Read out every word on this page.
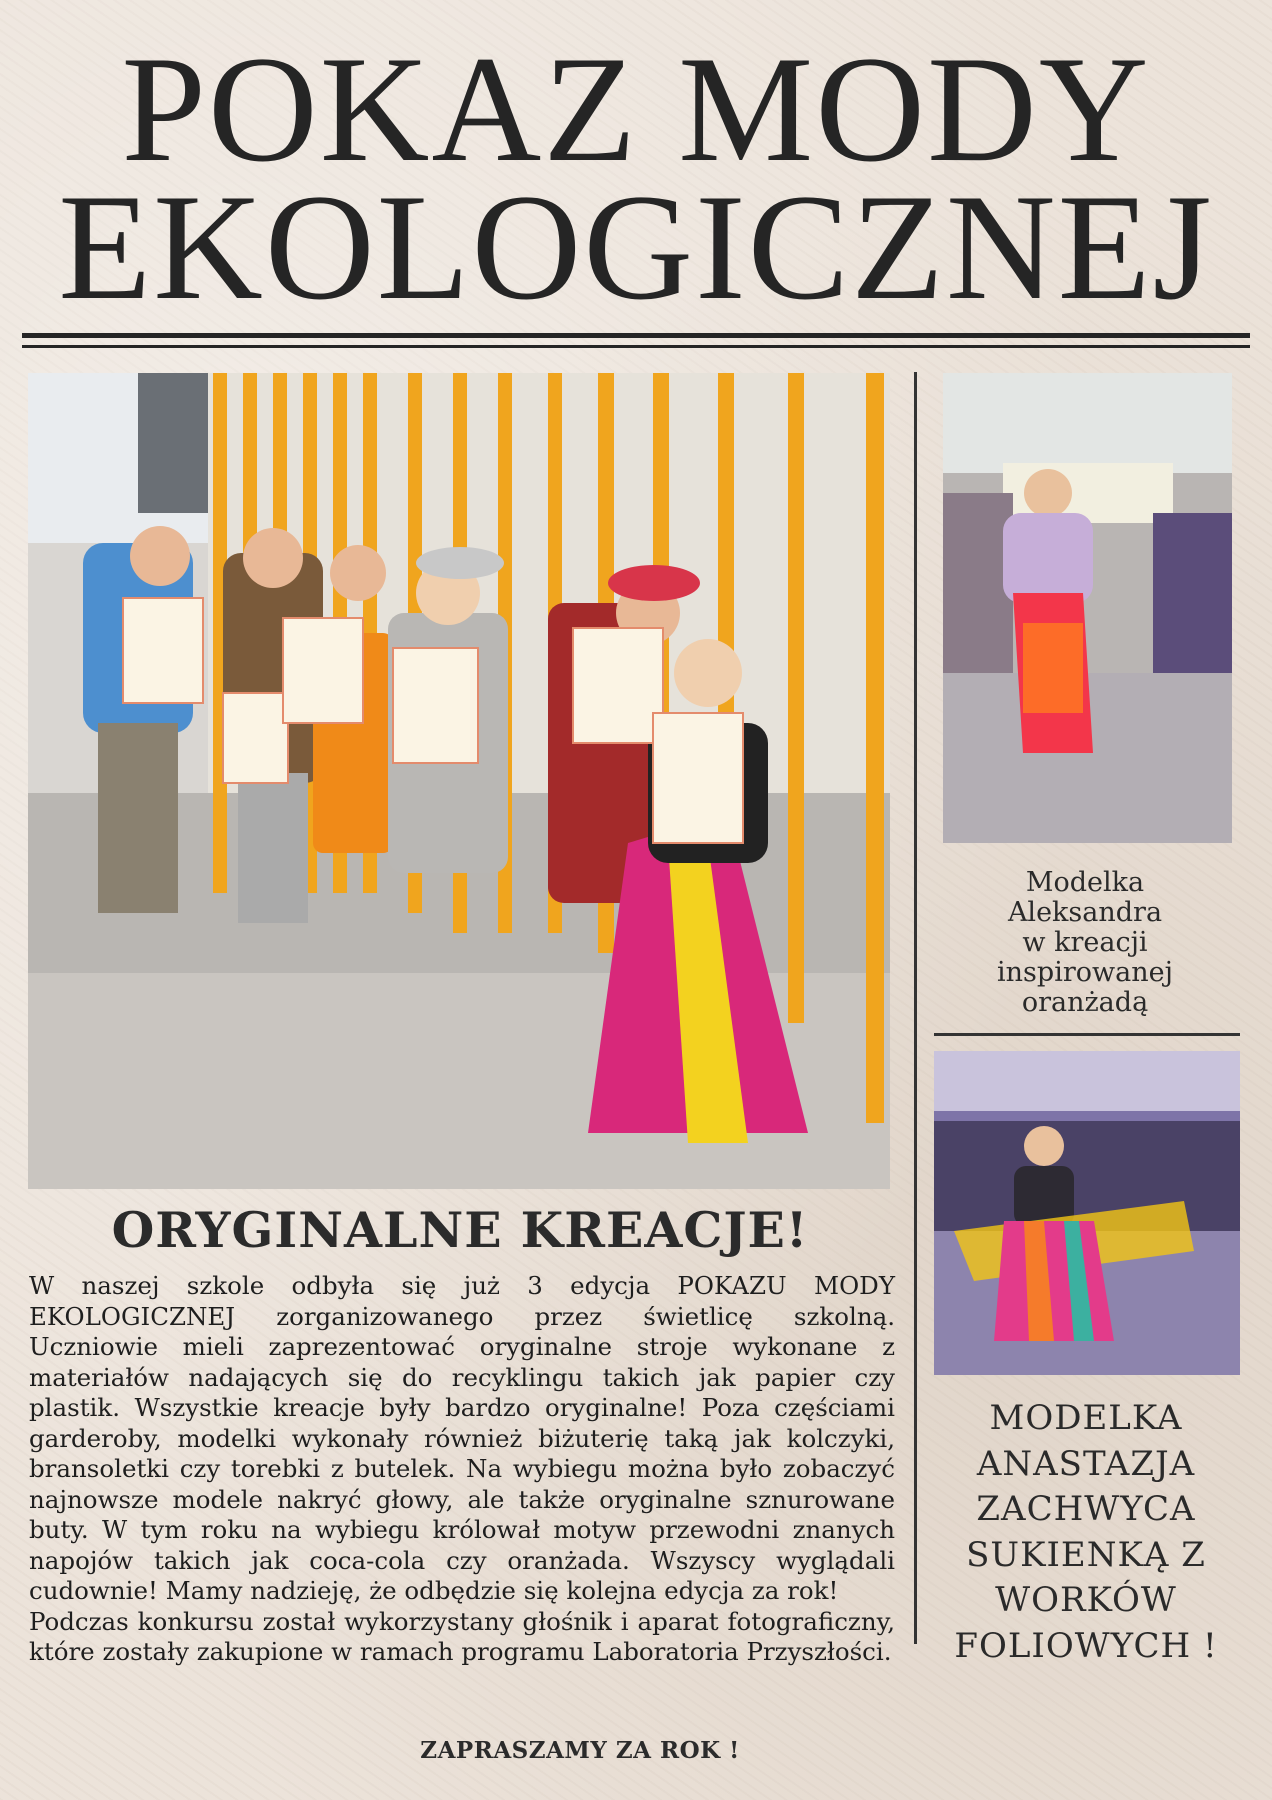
POKAZ MODY
EKOLOGICZNEJ
Modelka
Aleksandra
w kreacji
inspirowanej
oranżadą
MODELKA
ANASTAZJA
ZACHWYCA
SUKIENKĄ Z
WORKÓW
FOLIOWYCH !
ORYGINALNE KREACJE!

W naszej szkole odbyła się już 3 edycja POKAZU MODY EKOLOGICZNEJ zorganizowanego przez świetlicę szkolną. Uczniowie mieli zaprezentować oryginalne stroje wykonane z materiałów nadających się do recyklingu takich jak papier czy plastik. Wszystkie kreacje były bardzo oryginalne! Poza częściami garderoby, modelki wykonały również biżuterię taką jak kolczyki, bransoletki czy torebki z butelek. Na wybiegu można było zobaczyć najnowsze modele nakryć głowy, ale także oryginalne sznurowane buty. W tym roku na wybiegu królował motyw przewodni znanych napojów takich jak coca-cola czy oranżada. Wszyscy wyglądali cudownie! Mamy nadzieję, że odbędzie się kolejna edycja za rok!

Podczas konkursu został wykorzystany głośnik i aparat fotograficzny, które zostały zakupione w ramach programu Laboratoria Przyszłości.

ZAPRASZAMY ZA ROK !
